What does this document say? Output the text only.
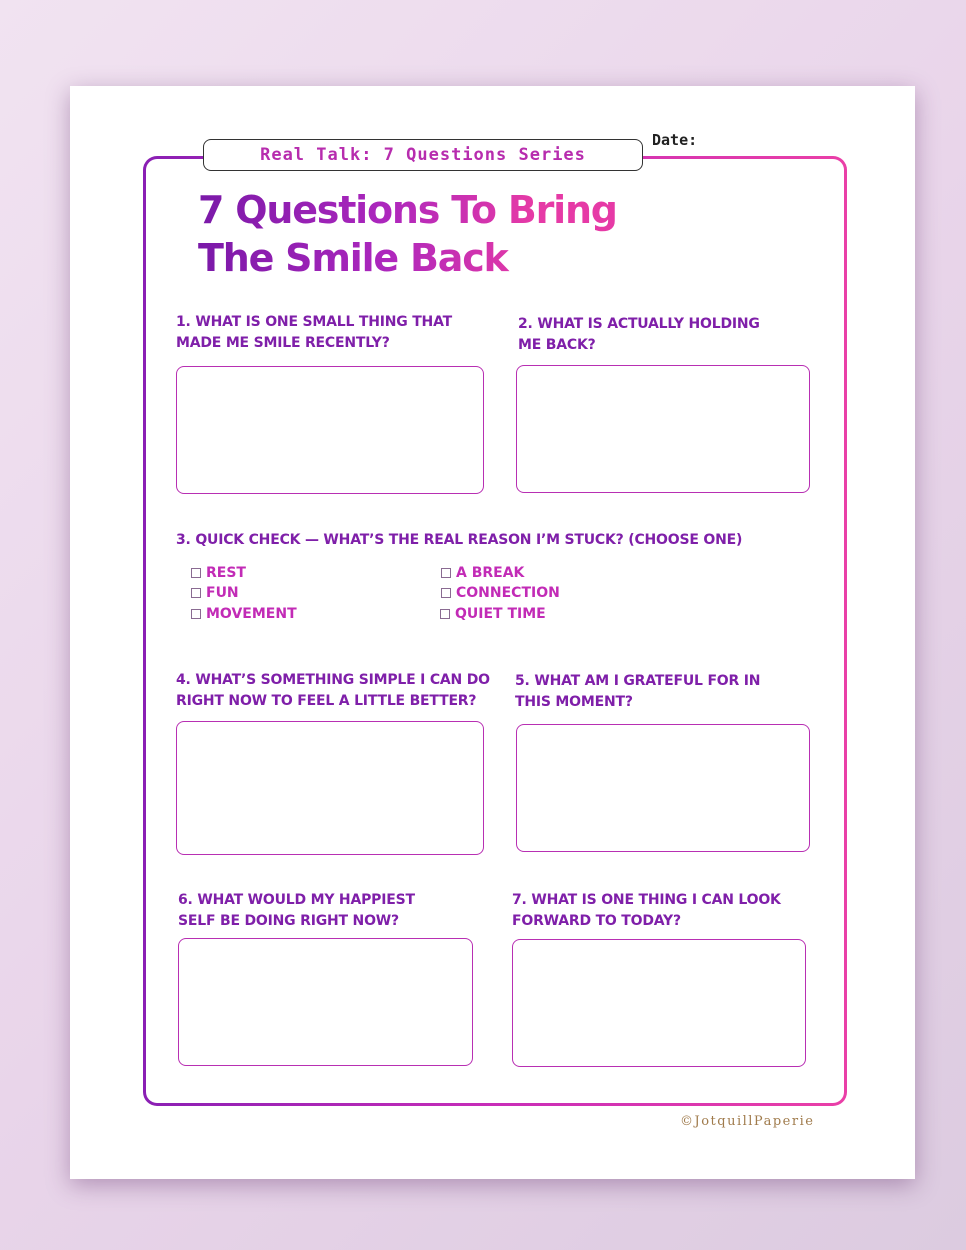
Real Talk: 7 Questions Series
Date:
7 Questions To Bring
The Smile Back

1. WHAT IS ONE SMALL THING THAT
MADE ME SMILE RECENTLY?

2. WHAT IS ACTUALLY HOLDING
ME BACK?

3. QUICK CHECK — WHAT’S THE REAL REASON I’M STUCK? (CHOOSE ONE)

REST
FUN
MOVEMENT
A BREAK
CONNECTION
QUIET TIME

4. WHAT’S SOMETHING SIMPLE I CAN DO
RIGHT NOW TO FEEL A LITTLE BETTER?

5. WHAT AM I GRATEFUL FOR IN
THIS MOMENT?

6. WHAT WOULD MY HAPPIEST
SELF BE DOING RIGHT NOW?

7. WHAT IS ONE THING I CAN LOOK
FORWARD TO TODAY?

©JotquillPaperie
